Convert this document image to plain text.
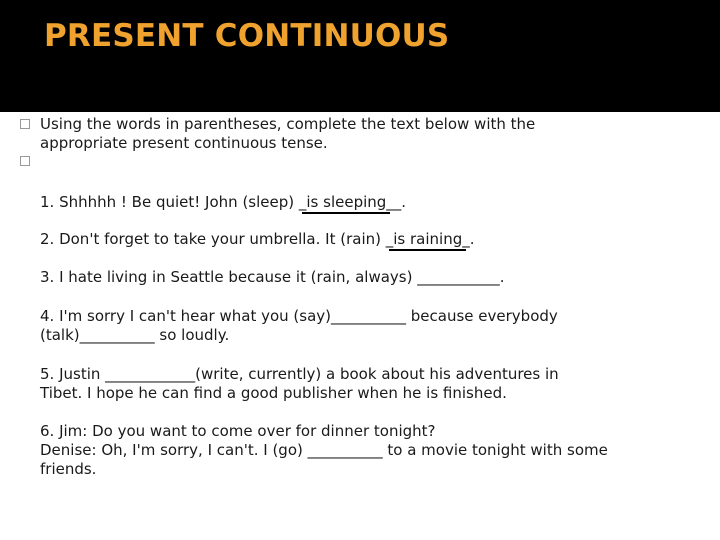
PRESENT CONTINUOUS
Using the words in parentheses, complete the text below with the
appropriate present continuous tense.
1. Shhhhh ! Be quiet! John (sleep) _is sleeping__.
2. Don't forget to take your umbrella. It (rain) _is raining_.
3. I hate living in Seattle because it (rain, always) ___________.
4. I'm sorry I can't hear what you (say)__________ because everybody
(talk)__________ so loudly.
5. Justin ____________(write, currently) a book about his adventures in
Tibet. I hope he can find a good publisher when he is finished.
6. Jim: Do you want to come over for dinner tonight?
Denise: Oh, I'm sorry, I can't. I (go) __________ to a movie tonight with some
friends.
